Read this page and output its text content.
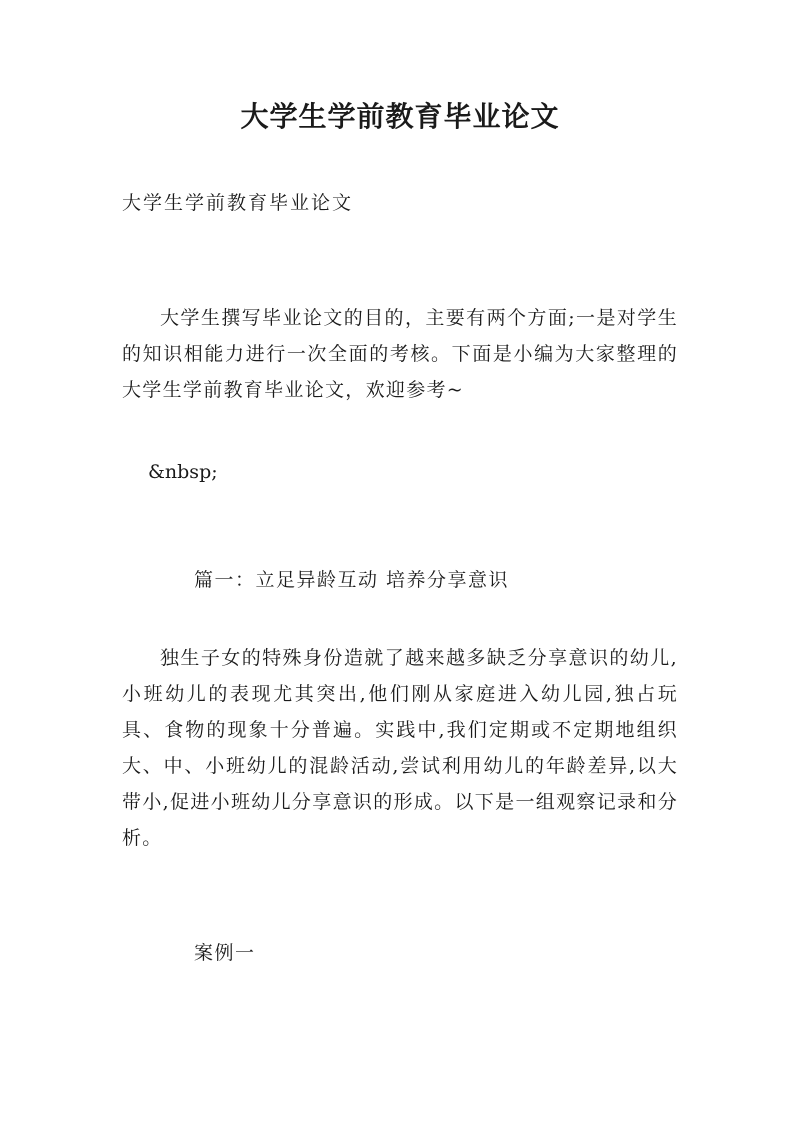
大学生学前教育毕业论文

大学生学前教育毕业论文

大学生撰写毕业论文的目的，主要有两个方面;一是对学生的知识相能力进行一次全面的考核。下面是小编为大家整理的大学生学前教育毕业论文，欢迎参考~

&nbsp;

篇一：立足异龄互动 培养分享意识

独生子女的特殊身份造就了越来越多缺乏分享意识的幼儿,小班幼儿的表现尤其突出,他们刚从家庭进入幼儿园,独占玩具、食物的现象十分普遍。实践中,我们定期或不定期地组织大、中、小班幼儿的混龄活动,尝试利用幼儿的年龄差异,以大带小,促进小班幼儿分享意识的形成。以下是一组观察记录和分析。

案例一
